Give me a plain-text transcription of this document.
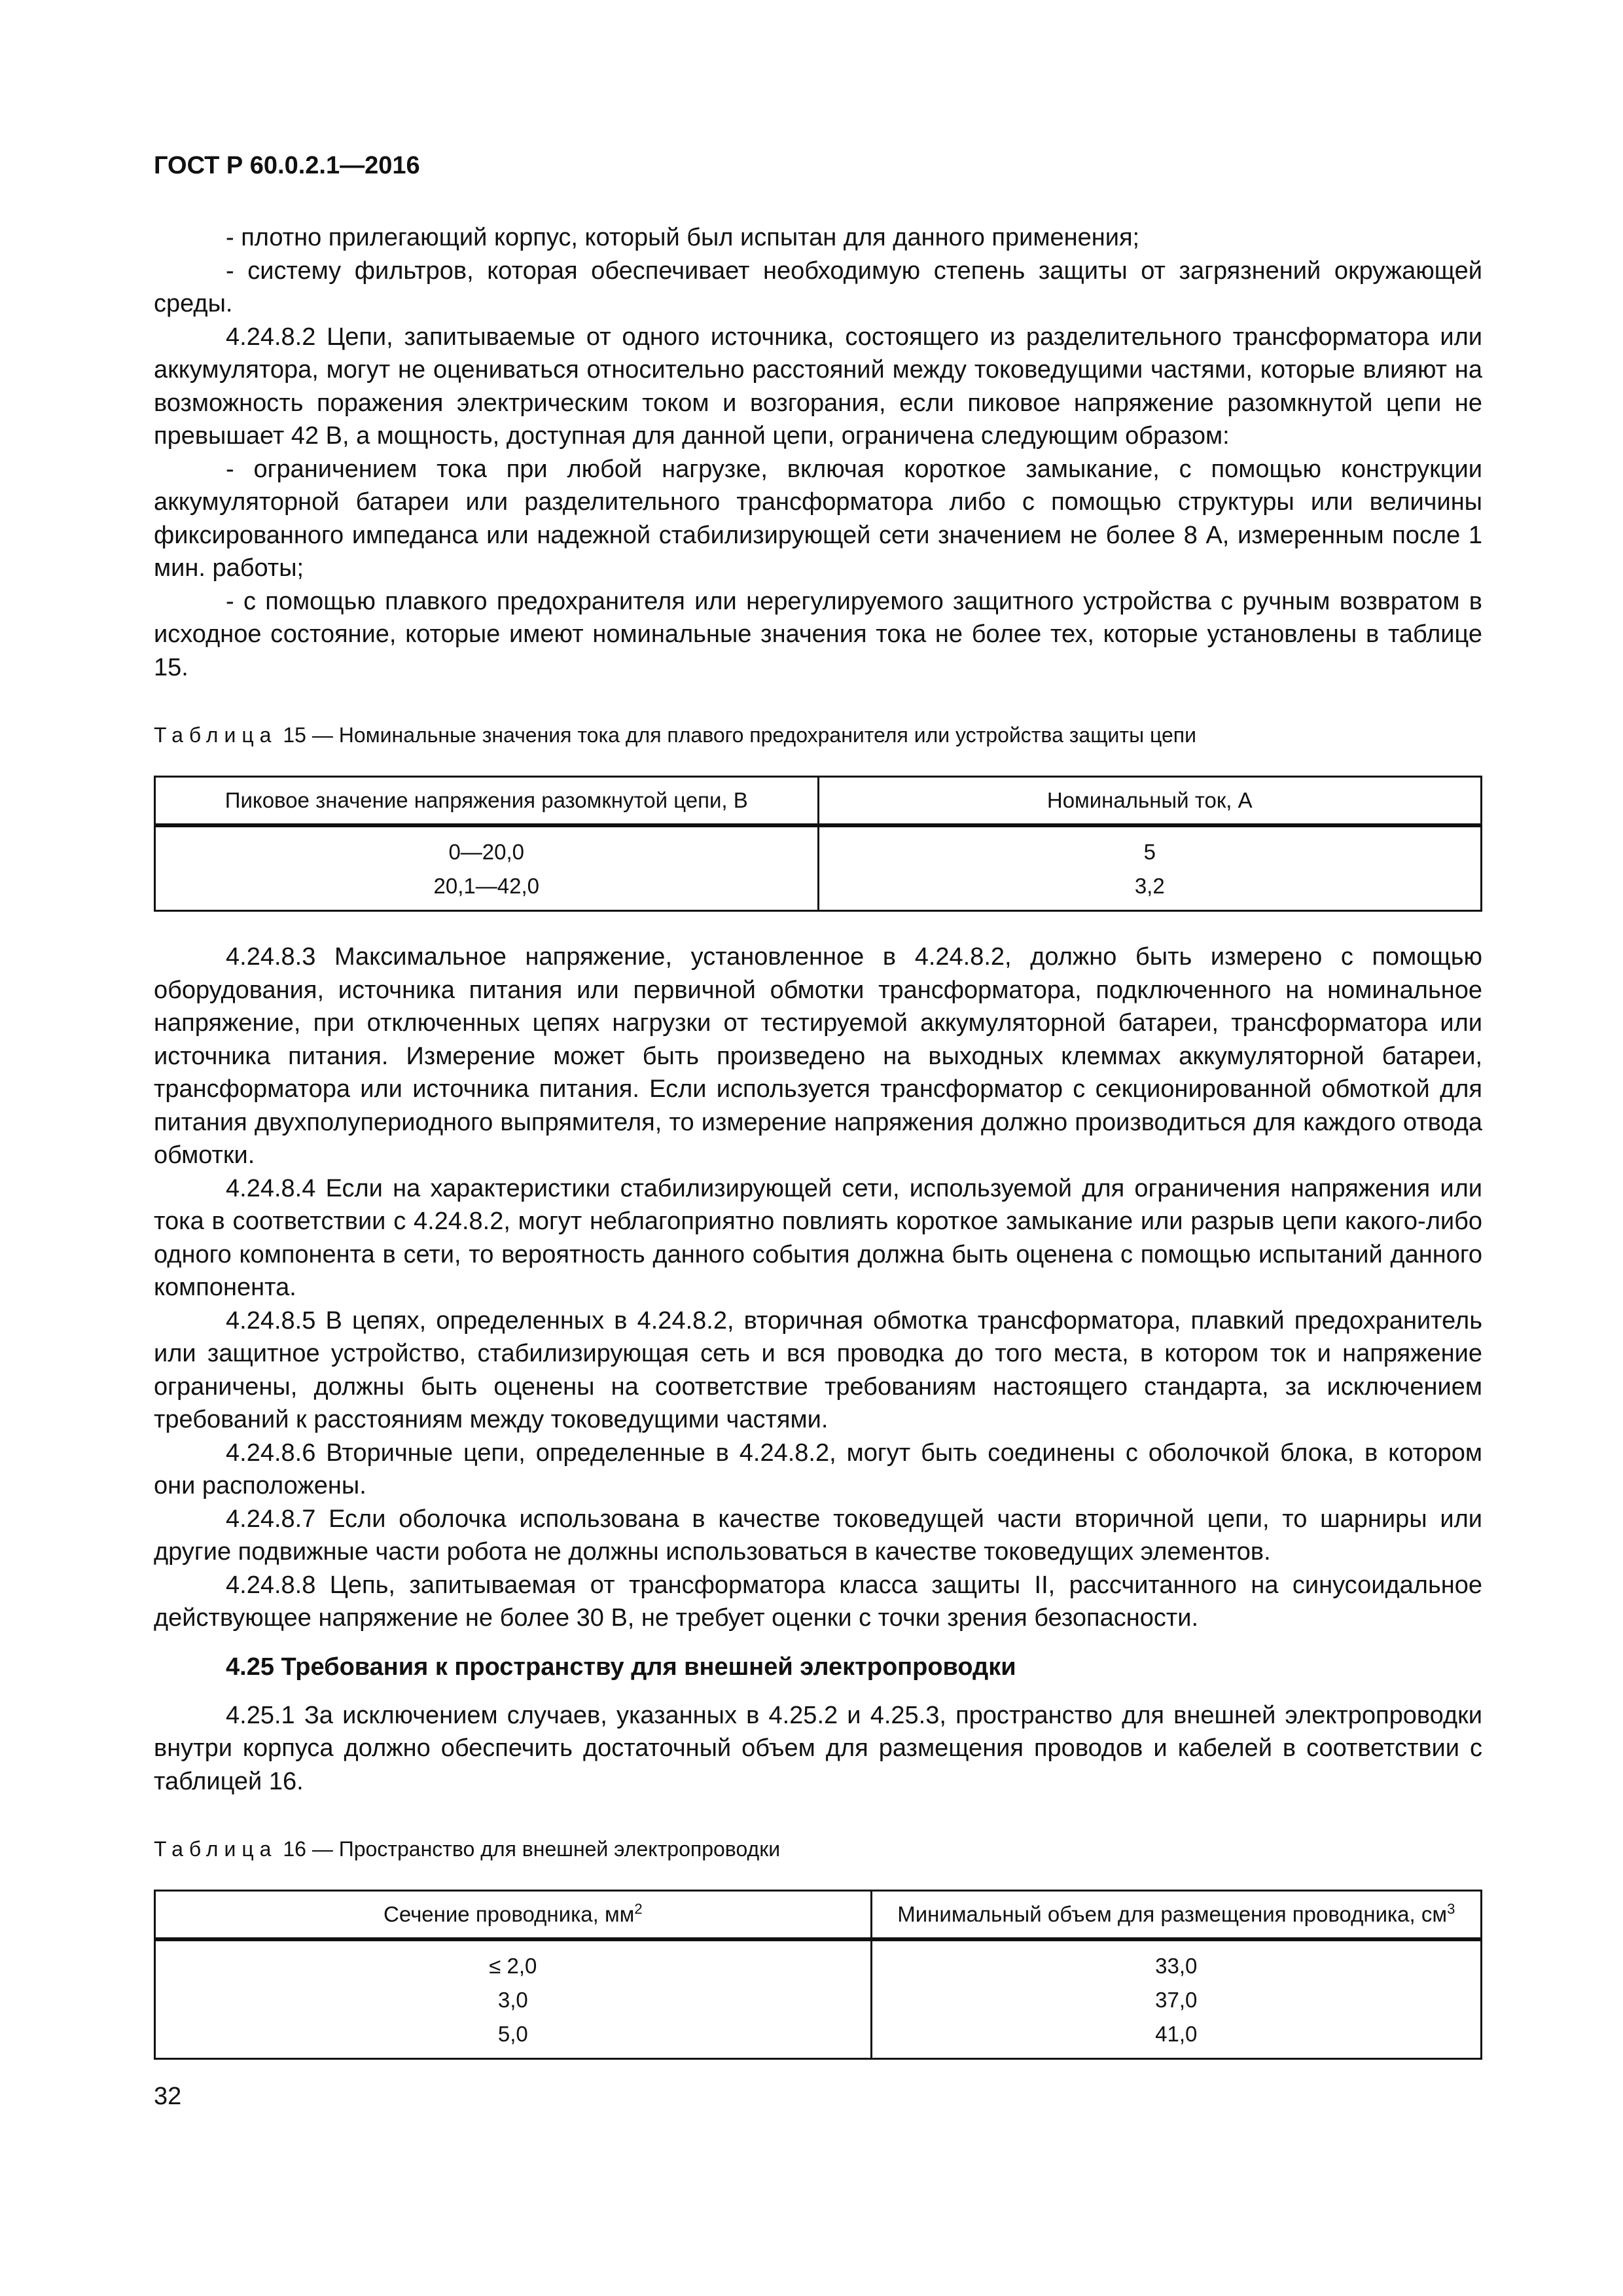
ГОСТ Р 60.0.2.1—2016

- плотно прилегающий корпус, который был испытан для данного применения;

- систему фильтров, которая обеспечивает необходимую степень защиты от загрязнений окружающей среды.

4.24.8.2 Цепи, запитываемые от одного источника, состоящего из разделительного трансформатора или аккумулятора, могут не оцениваться относительно расстояний между токоведущими частями, которые влияют на возможность поражения электрическим током и возгорания, если пиковое напряжение разомкнутой цепи не превышает 42 В, а мощность, доступная для данной цепи, ограничена следующим образом:

- ограничением тока при любой нагрузке, включая короткое замыкание, с помощью конструкции аккумуляторной батареи или разделительного трансформатора либо с помощью структуры или величины фиксированного импеданса или надежной стабилизирующей сети значением не более 8 А, измеренным после 1 мин. работы;

- с помощью плавкого предохранителя или нерегулируемого защитного устройства с ручным возвратом в исходное состояние, которые имеют номинальные значения тока не более тех, которые установлены в таблице 15.

Таблица 15 — Номинальные значения тока для плавого предохранителя или устройства защиты цепи
Пиковое значение напряжения разомкнутой цепи, В	Номинальный ток, А
0—20,0	5
20,1—42,0	3,2

4.24.8.3 Максимальное напряжение, установленное в 4.24.8.2, должно быть измерено с помощью оборудования, источника питания или первичной обмотки трансформатора, подключенного на номинальное напряжение, при отключенных цепях нагрузки от тестируемой аккумуляторной батареи, трансформатора или источника питания. Измерение может быть произведено на выходных клеммах аккумуляторной батареи, трансформатора или источника питания. Если используется трансформатор с секционированной обмоткой для питания двухполупериодного выпрямителя, то измерение напряжения должно производиться для каждого отвода обмотки.

4.24.8.4 Если на характеристики стабилизирующей сети, используемой для ограничения напряжения или тока в соответствии с 4.24.8.2, могут неблагоприятно повлиять короткое замыкание или разрыв цепи какого-либо одного компонента в сети, то вероятность данного события должна быть оценена с помощью испытаний данного компонента.

4.24.8.5 В цепях, определенных в 4.24.8.2, вторичная обмотка трансформатора, плавкий предохранитель или защитное устройство, стабилизирующая сеть и вся проводка до того места, в котором ток и напряжение ограничены, должны быть оценены на соответствие требованиям настоящего стандарта, за исключением требований к расстояниям между токоведущими частями.

4.24.8.6 Вторичные цепи, определенные в 4.24.8.2, могут быть соединены с оболочкой блока, в котором они расположены.

4.24.8.7 Если оболочка использована в качестве токоведущей части вторичной цепи, то шарниры или другие подвижные части робота не должны использоваться в качестве токоведущих элементов.

4.24.8.8 Цепь, запитываемая от трансформатора класса защиты II, рассчитанного на синусоидальное действующее напряжение не более 30 В, не требует оценки с точки зрения безопасности.

4.25 Требования к пространству для внешней электропроводки

4.25.1 За исключением случаев, указанных в 4.25.2 и 4.25.3, пространство для внешней электропроводки внутри корпуса должно обеспечить достаточный объем для размещения проводов и кабелей в соответствии с таблицей 16.

Таблица 16 — Пространство для внешней электропроводки
Сечение проводника, $мм^2$	Минимальный объем для размещения проводника, $см^3$
≤ 2,0	33,0
3,0	37,0
5,0	41,0
32
